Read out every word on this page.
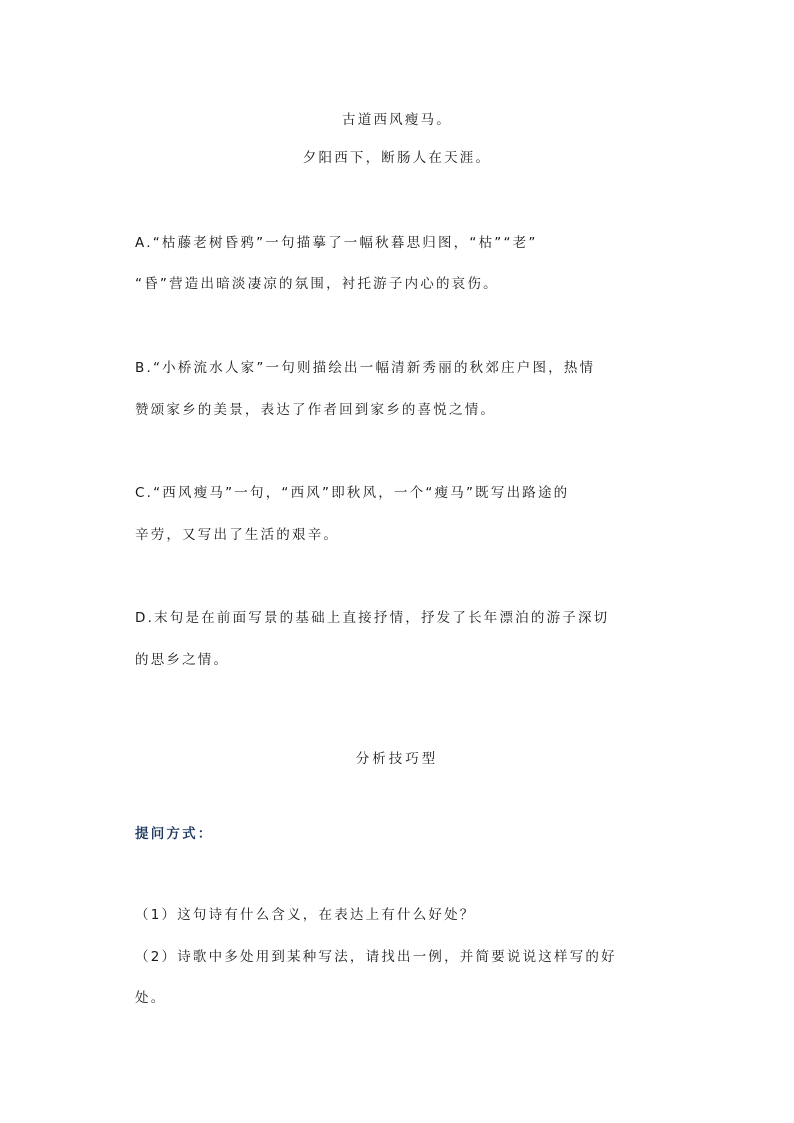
古道西风瘦马。
夕阳西下，断肠人在天涯。
A.“枯藤老树昏鸦”一句描摹了一幅秋暮思归图，“枯”“老”
“昏”营造出暗淡凄凉的氛围，衬托游子内心的哀伤。
B.“小桥流水人家”一句则描绘出一幅清新秀丽的秋郊庄户图，热情
赞颂家乡的美景，表达了作者回到家乡的喜悦之情。
C.“西风瘦马”一句，“西风”即秋风，一个“瘦马”既写出路途的
辛劳，又写出了生活的艰辛。
D.末句是在前面写景的基础上直接抒情，抒发了长年漂泊的游子深切
的思乡之情。
分析技巧型
提问方式：
（1）这句诗有什么含义，在表达上有什么好处？
（2）诗歌中多处用到某种写法，请找出一例，并简要说说这样写的好
处。
